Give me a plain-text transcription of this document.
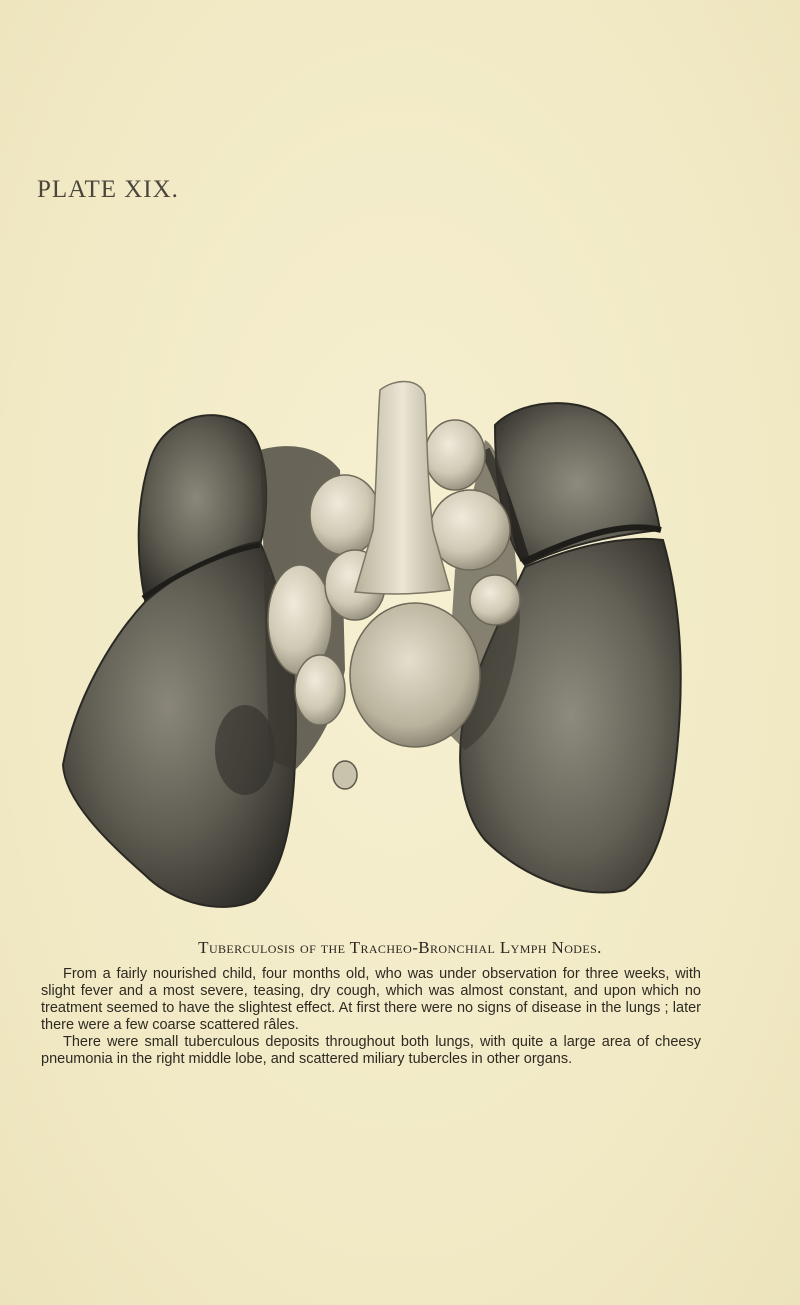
PLATE XIX.
Tuberculosis of the Tracheo-Bronchial Lymph Nodes.

From a fairly nourished child, four months old, who was under observation for three weeks, with slight fever and a most severe, teasing, dry cough, which was almost constant, and upon which no treatment seemed to have the slightest effect. At first there were no signs of disease in the lungs ; later there were a few coarse scattered râles.

There were small tuberculous deposits throughout both lungs, with quite a large area of cheesy pneumonia in the right middle lobe, and scattered miliary tubercles in other organs.
